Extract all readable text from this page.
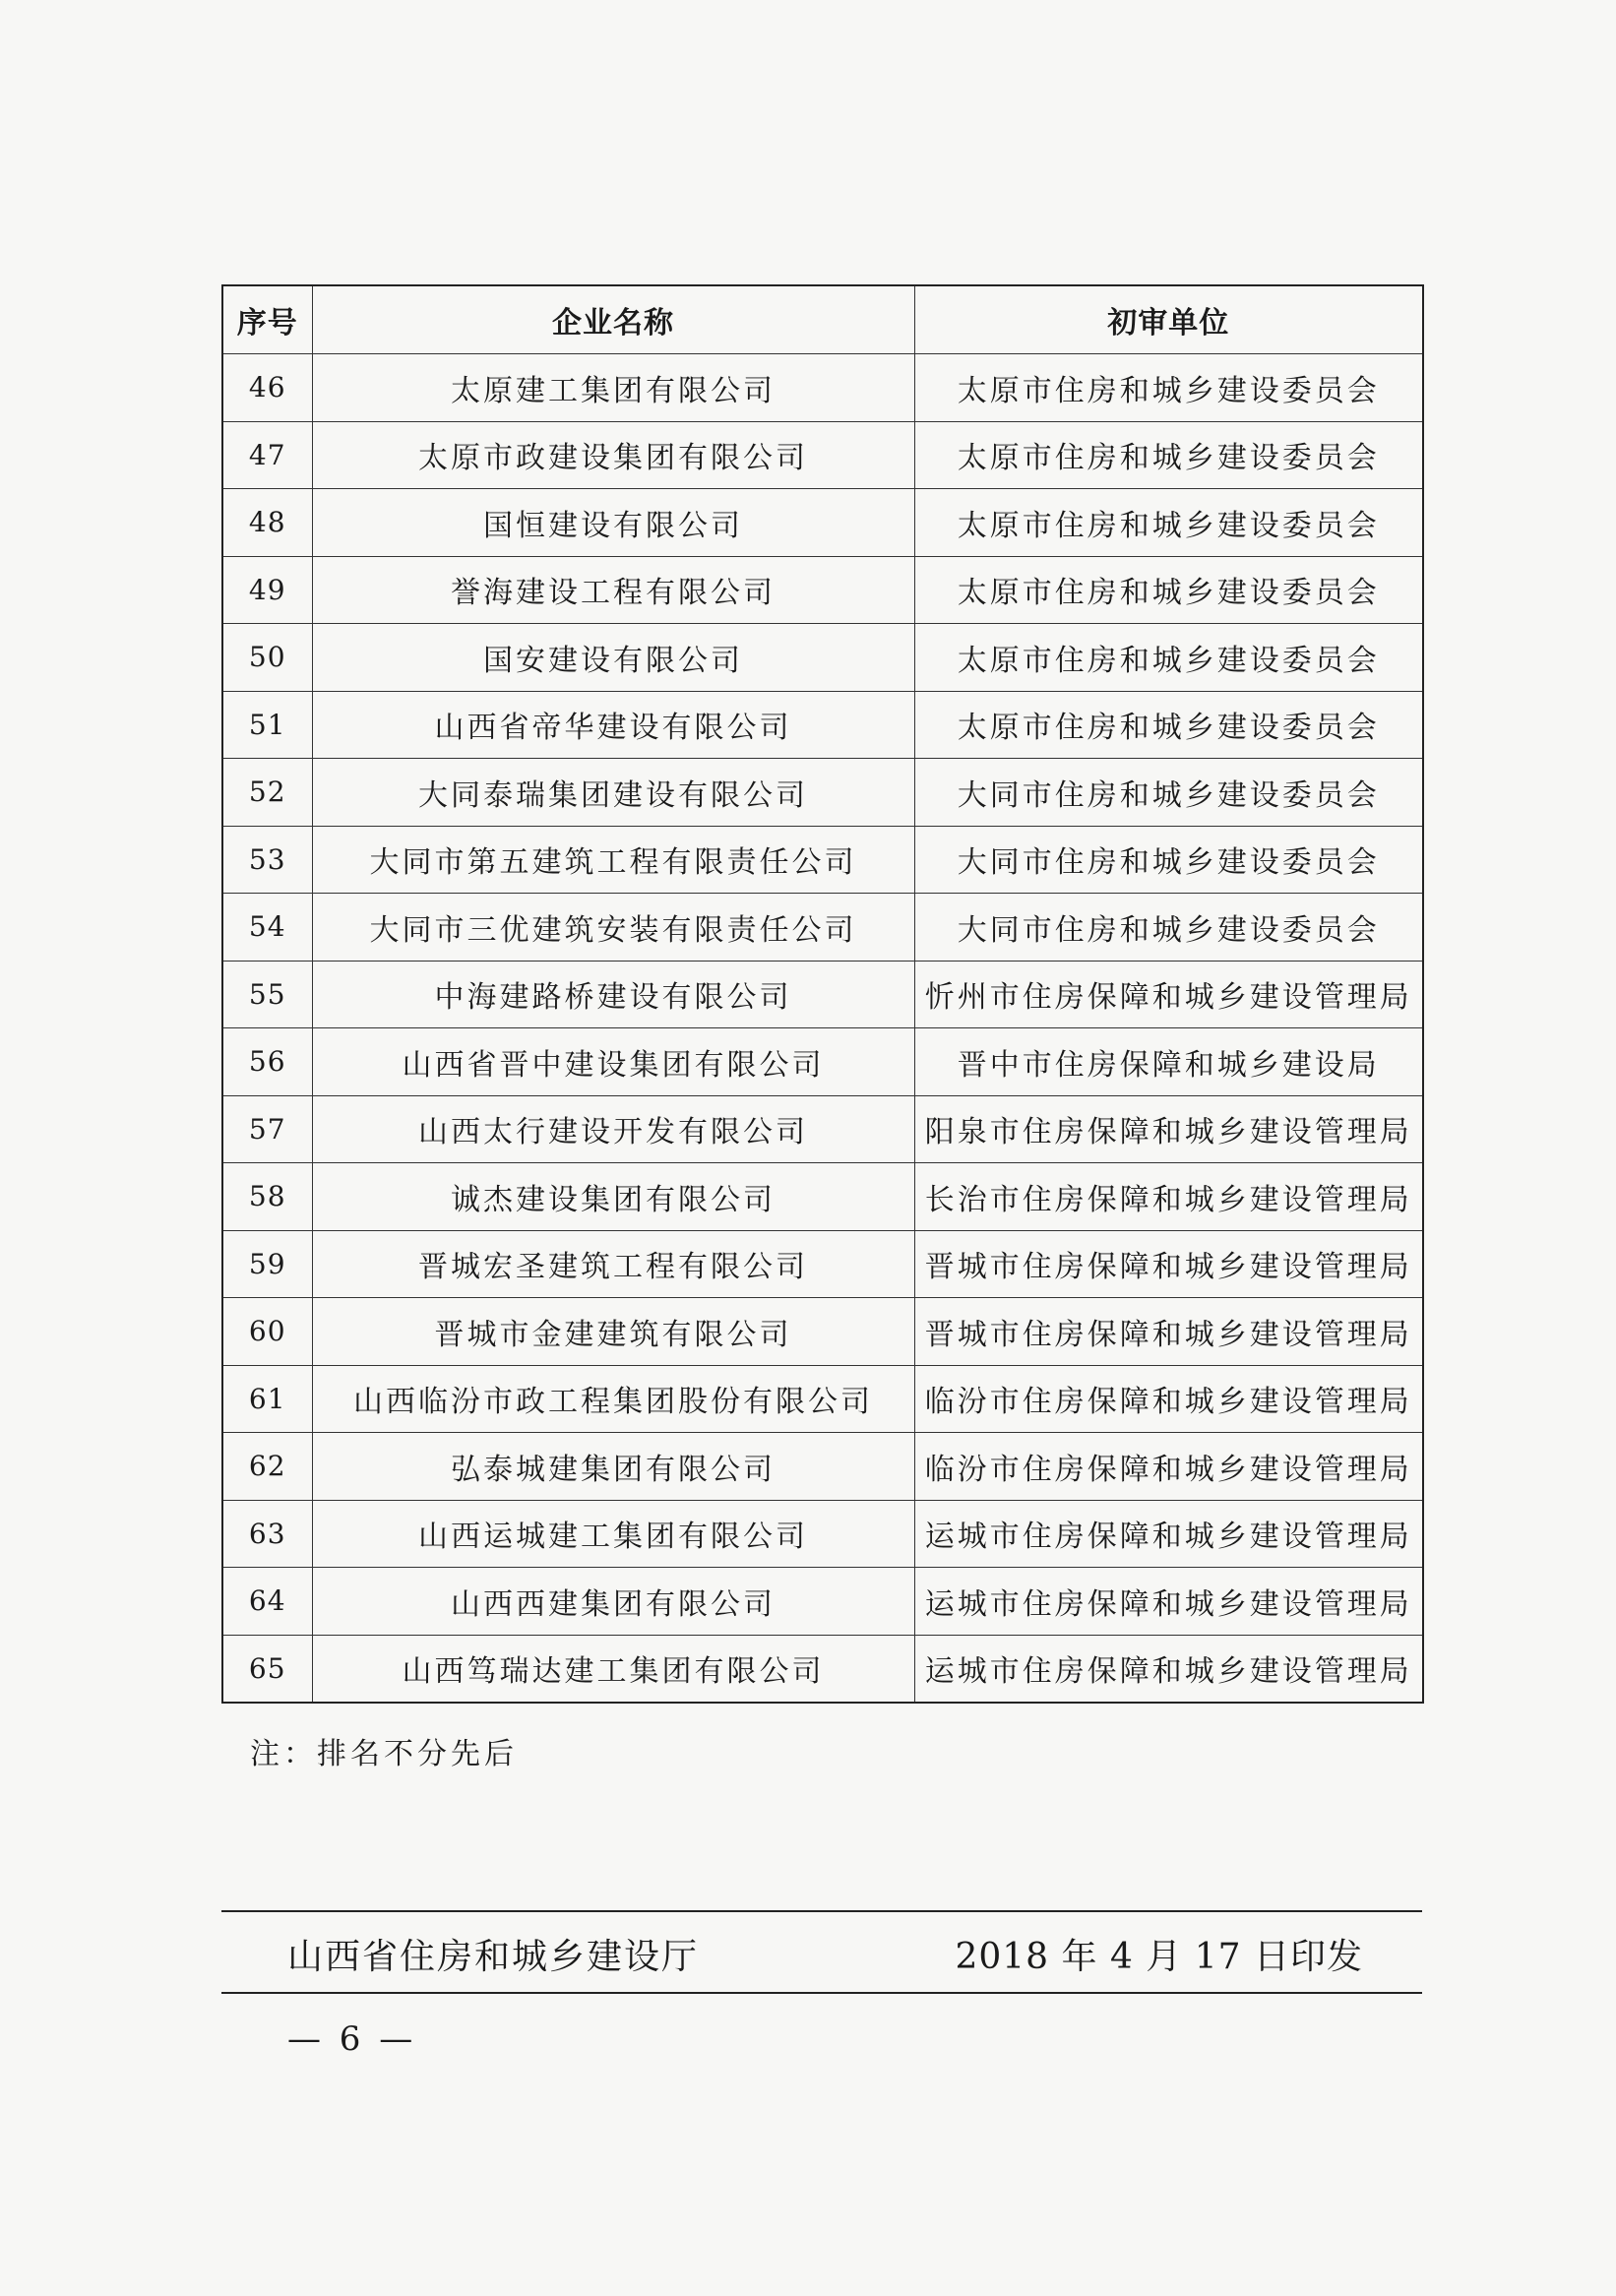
序号	企业名称	初审单位
46	太原建工集团有限公司	太原市住房和城乡建设委员会
47	太原市政建设集团有限公司	太原市住房和城乡建设委员会
48	国恒建设有限公司	太原市住房和城乡建设委员会
49	誉海建设工程有限公司	太原市住房和城乡建设委员会
50	国安建设有限公司	太原市住房和城乡建设委员会
51	山西省帝华建设有限公司	太原市住房和城乡建设委员会
52	大同泰瑞集团建设有限公司	大同市住房和城乡建设委员会
53	大同市第五建筑工程有限责任公司	大同市住房和城乡建设委员会
54	大同市三优建筑安装有限责任公司	大同市住房和城乡建设委员会
55	中海建路桥建设有限公司	忻州市住房保障和城乡建设管理局
56	山西省晋中建设集团有限公司	晋中市住房保障和城乡建设局
57	山西太行建设开发有限公司	阳泉市住房保障和城乡建设管理局
58	诚杰建设集团有限公司	长治市住房保障和城乡建设管理局
59	晋城宏圣建筑工程有限公司	晋城市住房保障和城乡建设管理局
60	晋城市金建建筑有限公司	晋城市住房保障和城乡建设管理局
61	山西临汾市政工程集团股份有限公司	临汾市住房保障和城乡建设管理局
62	弘泰城建集团有限公司	临汾市住房保障和城乡建设管理局
63	山西运城建工集团有限公司	运城市住房保障和城乡建设管理局
64	山西西建集团有限公司	运城市住房保障和城乡建设管理局
65	山西笃瑞达建工集团有限公司	运城市住房保障和城乡建设管理局
注：排名不分先后
山西省住房和城乡建设厅	2018 年 4 月 17 日印发
— 6 —
